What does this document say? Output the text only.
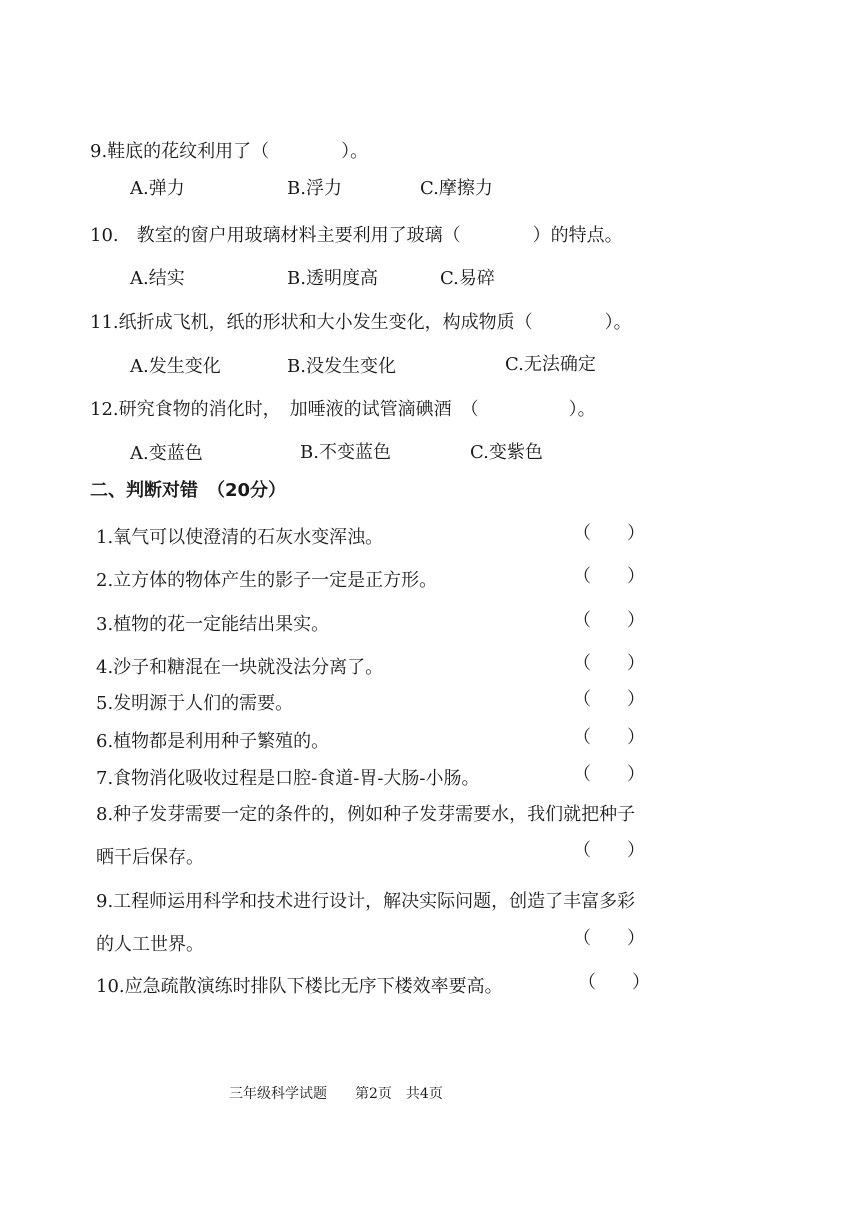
9.鞋底的花纹利用了（　　　　）。
A.弹力	B.浮力	C.摩擦力
10.　教室的窗户用玻璃材料主要利用了玻璃（　　　　）的特点。
A.结实	B.透明度高	C.易碎
11.纸折成飞机，纸的形状和大小发生变化，构成物质（　　　　）。
A.发生变化	B.没发生变化	C.无法确定
12.研究食物的消化时，　加唾液的试管滴碘酒　（　　　　　）。
A.变蓝色	B.不变蓝色	C.变紫色
二、判断对错　（20分）
1.氧气可以使澄清的石灰水变浑浊。	（　　）
2.立方体的物体产生的影子一定是正方形。	（　　）
3.植物的花一定能结出果实。	（　　）
4.沙子和糖混在一块就没法分离了。	（　　）
5.发明源于人们的需要。	（　　）
6.植物都是利用种子繁殖的。	（　　）
7.食物消化吸收过程是口腔-食道-胃-大肠-小肠。	（　　）
8.种子发芽需要一定的条件的，例如种子发芽需要水，我们就把种子
晒干后保存。	（　　）
9.工程师运用科学和技术进行设计，解决实际问题，创造了丰富多彩
的人工世界。	（　　）
10.应急疏散演练时排队下楼比无序下楼效率要高。	（　　）
三年级科学试题　　第2页　共4页
